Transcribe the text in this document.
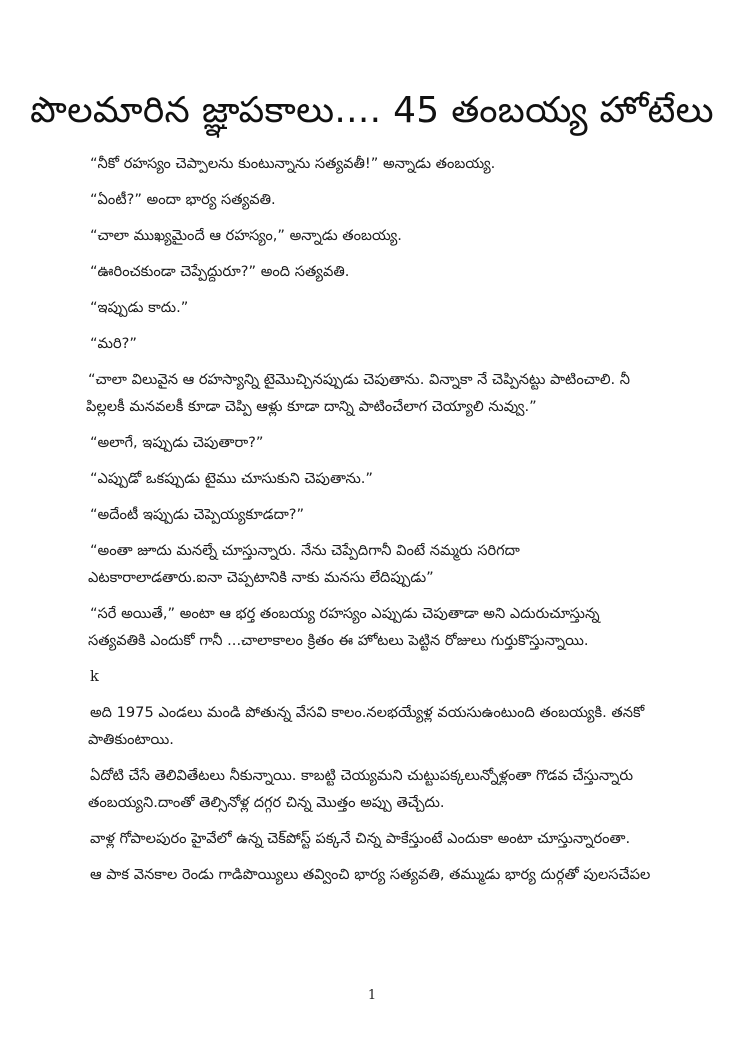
పొలమారిన జ్ఞాపకాలు.... 45 తంబయ్య హోటేలు

“నీకో రహస్యం చెప్పాలను కుంటున్నాను సత్యవతీ!” అన్నాడు తంబయ్య.

“ఏంటీ?” అందా భార్య సత్యవతి.

“చాలా ముఖ్యమైందే ఆ రహస్యం,” అన్నాడు తంబయ్య.

“ఊరించకుండా చెప్పేద్దురూ?” అంది సత్యవతి.

“ఇప్పుడు కాదు.”

“మరి?”

“చాలా విలువైన ఆ రహస్యాన్ని టైమొచ్చినప్పుడు చెపుతాను. విన్నాకా నే చెప్పినట్టు పాటించాలి. నీ పిల్లలకీ మనవలకీ కూడా చెప్పి ఆళ్లు కూడా దాన్ని పాటించేలాగ చెయ్యాలి నువ్వు.”

“అలాగే, ఇప్పుడు చెపుతారా?”

“ఎప్పుడో ఒకప్పుడు టైము చూసుకుని చెపుతాను.”

“అదేంటీ ఇప్పుడు చెప్పెయ్యకూడదా?”

“అంతా జూదు మనల్నే చూస్తున్నారు. నేను చెప్పేదిగానీ వింటే నమ్మరు సరిగదా ఎటకారాలాడతారు.ఐనా చెప్పటానికి నాకు మనసు లేదిప్పుడు”

“సరే అయితే,” అంటా ఆ భర్త తంబయ్య రహస్యం ఎప్పుడు చెపుతాడా అని ఎదురుచూస్తున్న సత్యవతికి ఎందుకో గానీ ...చాలాకాలం క్రితం ఈ హోటలు పెట్టిన రోజులు గుర్తుకొస్తున్నాయి.

k

అది 1975 ఎండలు మండి పోతున్న వేసవి కాలం.నలభయ్యేళ్ల వయసుఉంటుంది తంబయ్యకి. తనకో పాతికుంటాయి.

ఏదోటి చేసే తెలివితేటలు నీకున్నాయి. కాబట్టి చెయ్యమని చుట్టుపక్కలున్నోళ్లంతా గొడవ చేస్తున్నారు తంబయ్యని.దాంతో తెల్సినోళ్ల దగ్గర చిన్న మొత్తం అప్పు తెచ్చేదు.

వాళ్ల గోపాలపురం హైవేలో ఉన్న చెక్‌పోస్ట్ పక్కనే చిన్న పాకేస్తుంటే ఎందుకా అంటా చూస్తున్నారంతా.

ఆ పాక వెనకాల రెండు గాడిపొయ్యిలు తవ్వించి భార్య సత్యవతి, తమ్ముడు భార్య దుర్గతో పులసచేపల

1
